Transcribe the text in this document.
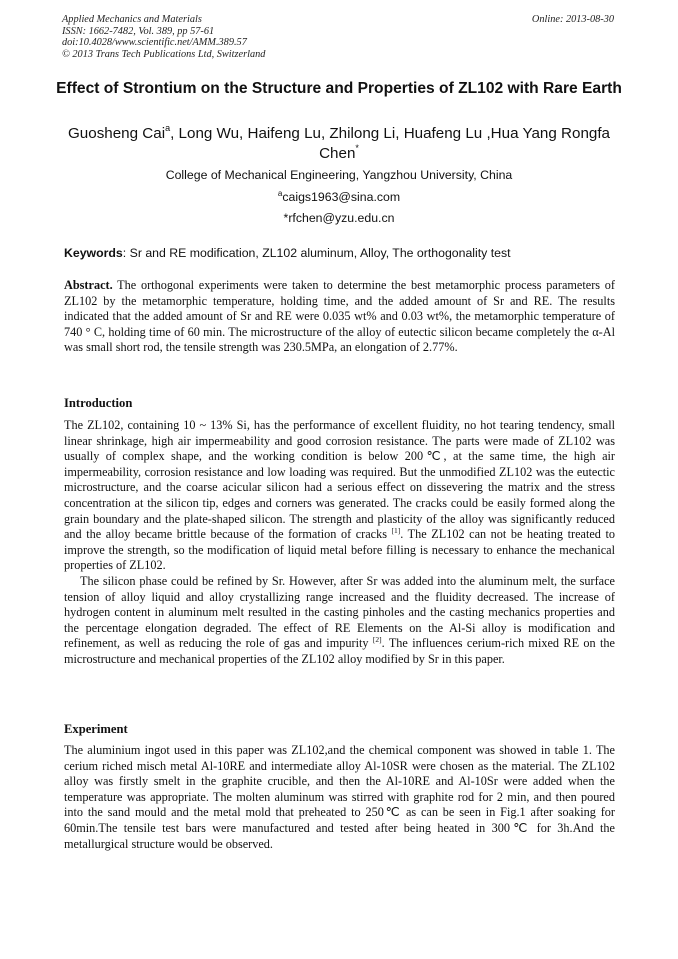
Applied Mechanics and Materials
ISSN: 1662-7482, Vol. 389, pp 57-61
doi:10.4028/www.scientific.net/AMM.389.57
© 2013 Trans Tech Publications Ltd, Switzerland
Online: 2013-08-30
Effect of Strontium on the Structure and Properties of ZL102 with Rare Earth
Guosheng Cai$^a$, Long Wu, Haifeng Lu, Zhilong Li, Huafeng Lu ,Hua Yang Rongfa Chen*
College of Mechanical Engineering, Yangzhou University, China
$^a$caigs1963@sina.com
*rfchen@yzu.edu.cn
Keywords: Sr and RE modification, ZL102 aluminum, Alloy, The orthogonality test

Abstract. The orthogonal experiments were taken to determine the best metamorphic process parameters of ZL102 by the metamorphic temperature, holding time, and the added amount of Sr and RE. The results indicated that the added amount of Sr and RE were 0.035 wt% and 0.03 wt%, the metamorphic temperature of 740 ° C, holding time of 60 min. The microstructure of the alloy of eutectic silicon became completely the α-Al was small short rod, the tensile strength was 230.5MPa, an elongation of 2.77%.

Introduction

The ZL102, containing 10 ~ 13% Si, has the performance of excellent fluidity, no hot tearing tendency, small linear shrinkage, high air impermeability and good corrosion resistance. The parts were made of ZL102 was usually of complex shape, and the working condition is below 200℃, at the same time, the high air impermeability, corrosion resistance and low loading was required. But the unmodified ZL102 was the eutectic microstructure, and the coarse acicular silicon had a serious effect on dissevering the matrix and the stress concentration at the silicon tip, edges and corners was generated. The cracks could be easily formed along the grain boundary and the plate-shaped silicon. The strength and plasticity of the alloy was significantly reduced and the alloy became brittle because of the formation of cracks [1]. The ZL102 can not be heating treated to improve the strength, so the modification of liquid metal before filling is necessary to enhance the mechanical properties of ZL102.

The silicon phase could be refined by Sr. However, after Sr was added into the aluminum melt, the surface tension of alloy liquid and alloy crystallizing range increased and the fluidity decreased. The increase of hydrogen content in aluminum melt resulted in the casting pinholes and the casting mechanics properties and the percentage elongation degraded. The effect of RE Elements on the Al-Si alloy is modification and refinement, as well as reducing the role of gas and impurity [2]. The influences cerium-rich mixed RE on the microstructure and mechanical properties of the ZL102 alloy modified by Sr in this paper.

Experiment

The aluminium ingot used in this paper was ZL102,and the chemical component was showed in table 1. The cerium riched misch metal Al-10RE and intermediate alloy Al-10SR were chosen as the material. The ZL102 alloy was firstly smelt in the graphite crucible, and then the Al-10RE and Al-10Sr were added when the temperature was appropriate. The molten aluminum was stirred with graphite rod for 2 min, and then poured into the sand mould and the metal mold that preheated to 250℃ as can be seen in Fig.1 after soaking for 60min.The tensile test bars were manufactured and tested after being heated in 300℃ for 3h.And the metallurgical structure would be observed.
